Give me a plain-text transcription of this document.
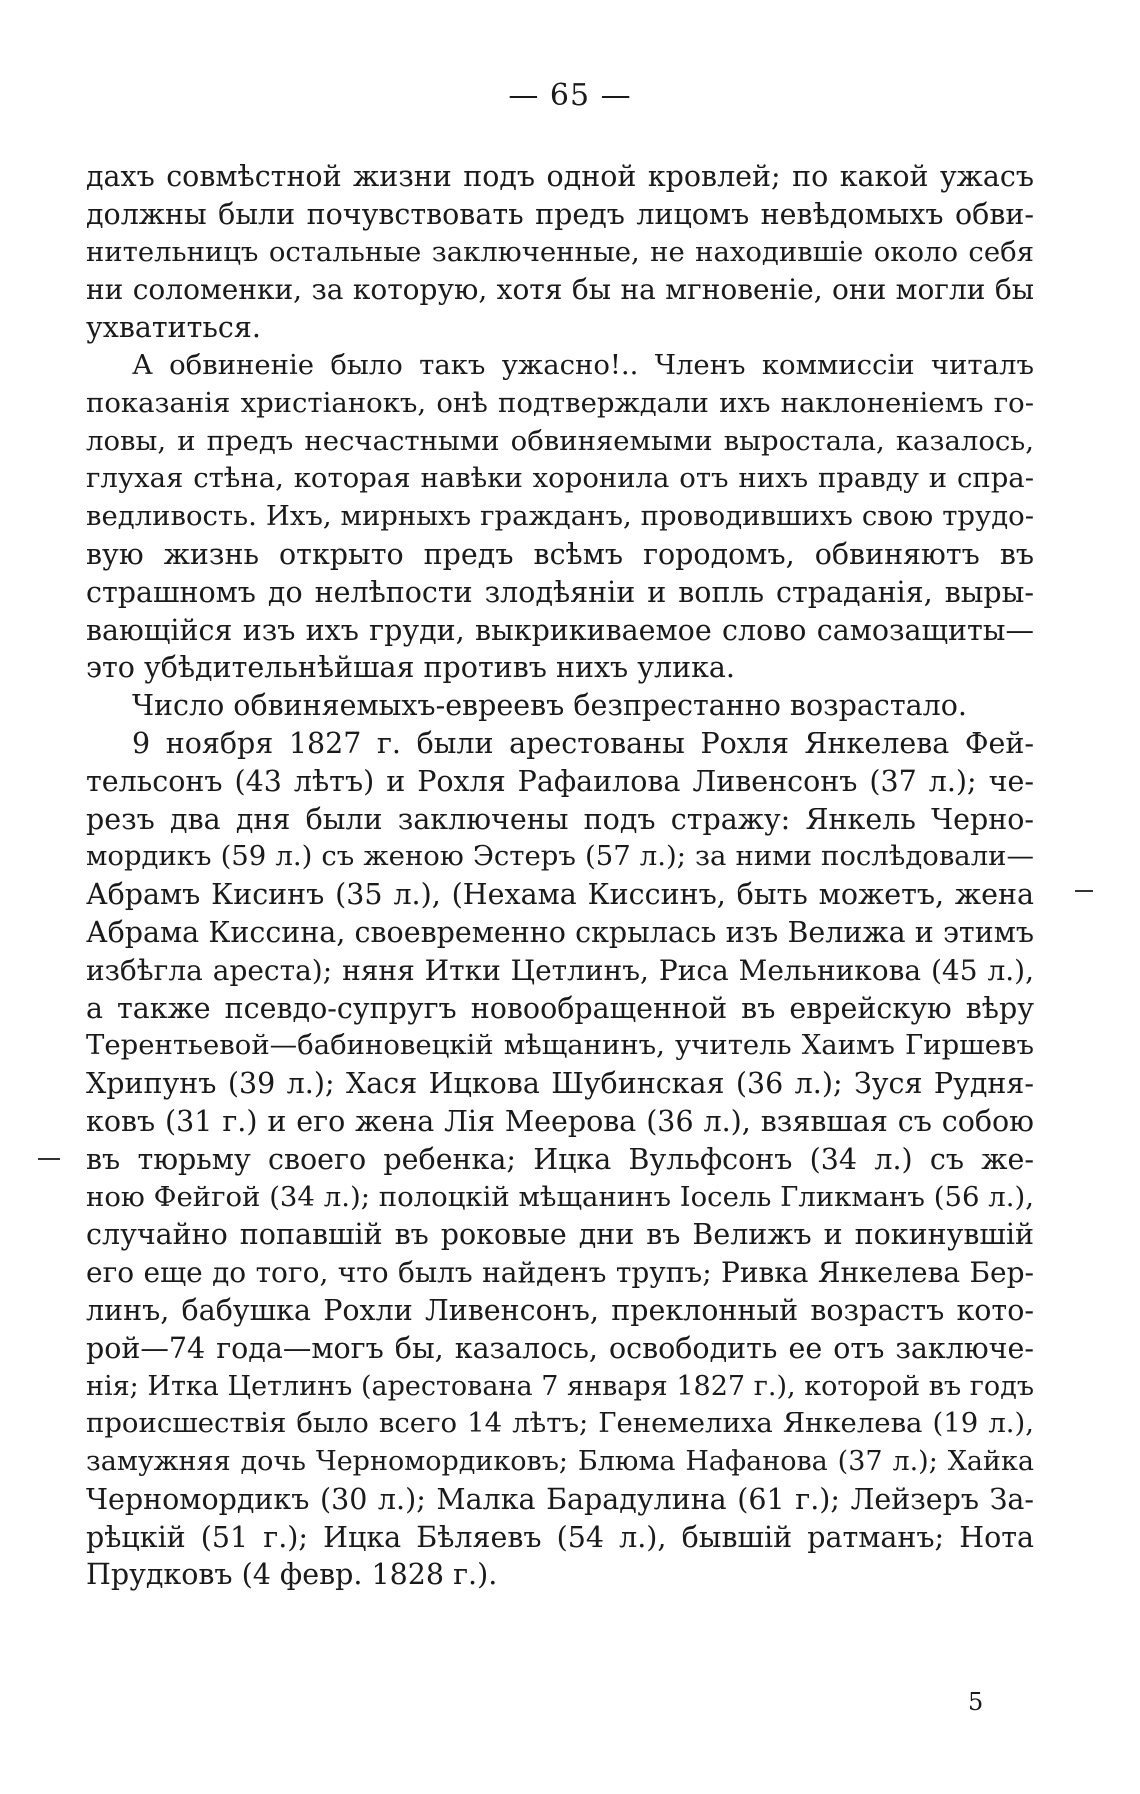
— 65 —
дахъ совмѣстной жизни подъ одной кровлей; по какой ужасъ
должны были почувствовать предъ лицомъ невѣдомыхъ обви-
нительницъ остальные заключенные, не находившіе около себя
ни соломенки, за которую, хотя бы на мгновеніе, они могли бы
ухватиться.
А обвиненіе было такъ ужасно!.. Членъ коммиссіи читалъ
показанія христіанокъ, онѣ подтверждали ихъ наклоненіемъ го-
ловы, и предъ несчастными обвиняемыми выростала, казалось,
глухая стѣна, которая навѣки хоронила отъ нихъ правду и спра-
ведливость. Ихъ, мирныхъ гражданъ, проводившихъ свою трудо-
вую жизнь открыто предъ всѣмъ городомъ, обвиняютъ въ
страшномъ до нелѣпости злодѣяніи и вопль страданія, выры-
вающійся изъ ихъ груди, выкрикиваемое слово самозащиты—
это убѣдительнѣйшая противъ нихъ улика.
Число обвиняемыхъ-евреевъ безпрестанно возрастало.
9 ноября 1827 г. были арестованы Рохля Янкелева Фей-
тельсонъ (43 лѣтъ) и Рохля Рафаилова Ливенсонъ (37 л.); че-
резъ два дня были заключены подъ стражу: Янкель Черно-
мордикъ (59 л.) съ женою Эстеръ (57 л.); за ними послѣдовали—
Абрамъ Кисинъ (35 л.), (Нехама Киссинъ, быть можетъ, жена
Абрама Киссина, своевременно скрылась изъ Велижа и этимъ
избѣгла ареста); няня Итки Цетлинъ, Риса Мельникова (45 л.),
а также псевдо-супругъ новообращенной въ еврейскую вѣру
Терентьевой—бабиновецкій мѣщанинъ, учитель Хаимъ Гиршевъ
Хрипунъ (39 л.); Хася Ицкова Шубинская (36 л.); Зуся Рудня-
ковъ (31 г.) и его жена Лія Меерова (36 л.), взявшая съ собою
въ тюрьму своего ребенка; Ицка Вульфсонъ (34 л.) съ же-
ною Фейгой (34 л.); полоцкій мѣщанинъ Іосель Гликманъ (56 л.),
случайно попавшій въ роковые дни въ Велижъ и покинувшій
его еще до того, что былъ найденъ трупъ; Ривка Янкелева Бер-
линъ, бабушка Рохли Ливенсонъ, преклонный возрастъ кото-
рой—74 года—могъ бы, казалось, освободить ее отъ заключе-
нія; Итка Цетлинъ (арестована 7 января 1827 г.), которой въ годъ
происшествія было всего 14 лѣтъ; Генемелиха Янкелева (19 л.),
замужняя дочь Черномордиковъ; Блюма Нафанова (37 л.); Хайка
Черномордикъ (30 л.); Малка Барадулина (61 г.); Лейзеръ За-
рѣцкій (51 г.); Ицка Бѣляевъ (54 л.), бывшій ратманъ; Нота
Прудковъ (4 февр. 1828 г.).
5
